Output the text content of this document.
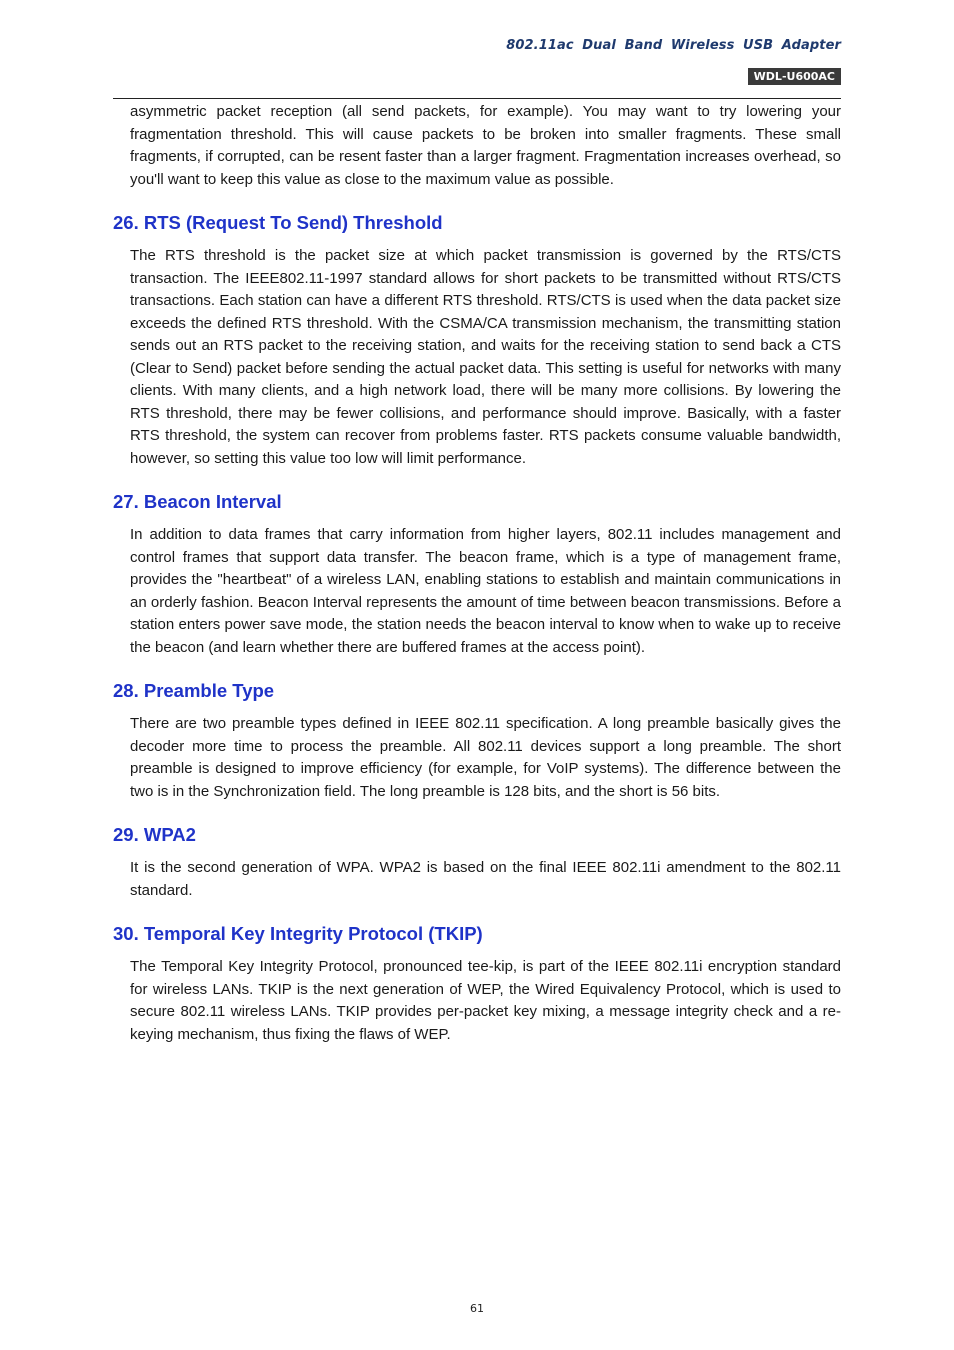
802.11ac Dual Band Wireless USB Adapter
WDL-U600AC

asymmetric packet reception (all send packets, for example). You may want to try lowering your fragmentation threshold. This will cause packets to be broken into smaller fragments. These small fragments, if corrupted, can be resent faster than a larger fragment. Fragmentation increases overhead, so you'll want to keep this value as close to the maximum value as possible.

26. RTS (Request To Send) Threshold

The RTS threshold is the packet size at which packet transmission is governed by the RTS/CTS transaction. The IEEE802.11-1997 standard allows for short packets to be transmitted without RTS/CTS transactions. Each station can have a different RTS threshold. RTS/CTS is used when the data packet size exceeds the defined RTS threshold. With the CSMA/CA transmission mechanism, the transmitting station sends out an RTS packet to the receiving station, and waits for the receiving station to send back a CTS (Clear to Send) packet before sending the actual packet data. This setting is useful for networks with many clients. With many clients, and a high network load, there will be many more collisions. By lowering the RTS threshold, there may be fewer collisions, and performance should improve. Basically, with a faster RTS threshold, the system can recover from problems faster. RTS packets consume valuable bandwidth, however, so setting this value too low will limit performance.

27. Beacon Interval

In addition to data frames that carry information from higher layers, 802.11 includes management and control frames that support data transfer. The beacon frame, which is a type of management frame, provides the "heartbeat" of a wireless LAN, enabling stations to establish and maintain communications in an orderly fashion. Beacon Interval represents the amount of time between beacon transmissions. Before a station enters power save mode, the station needs the beacon interval to know when to wake up to receive the beacon (and learn whether there are buffered frames at the access point).

28. Preamble Type

There are two preamble types defined in IEEE 802.11 specification. A long preamble basically gives the decoder more time to process the preamble. All 802.11 devices support a long preamble. The short preamble is designed to improve efficiency (for example, for VoIP systems). The difference between the two is in the Synchronization field. The long preamble is 128 bits, and the short is 56 bits.

29. WPA2

It is the second generation of WPA. WPA2 is based on the final IEEE 802.11i amendment to the 802.11 standard.

30. Temporal Key Integrity Protocol (TKIP)

The Temporal Key Integrity Protocol, pronounced tee-kip, is part of the IEEE 802.11i encryption standard for wireless LANs. TKIP is the next generation of WEP, the Wired Equivalency Protocol, which is used to secure 802.11 wireless LANs. TKIP provides per-packet key mixing, a message integrity check and a re-keying mechanism, thus fixing the flaws of WEP.

61
